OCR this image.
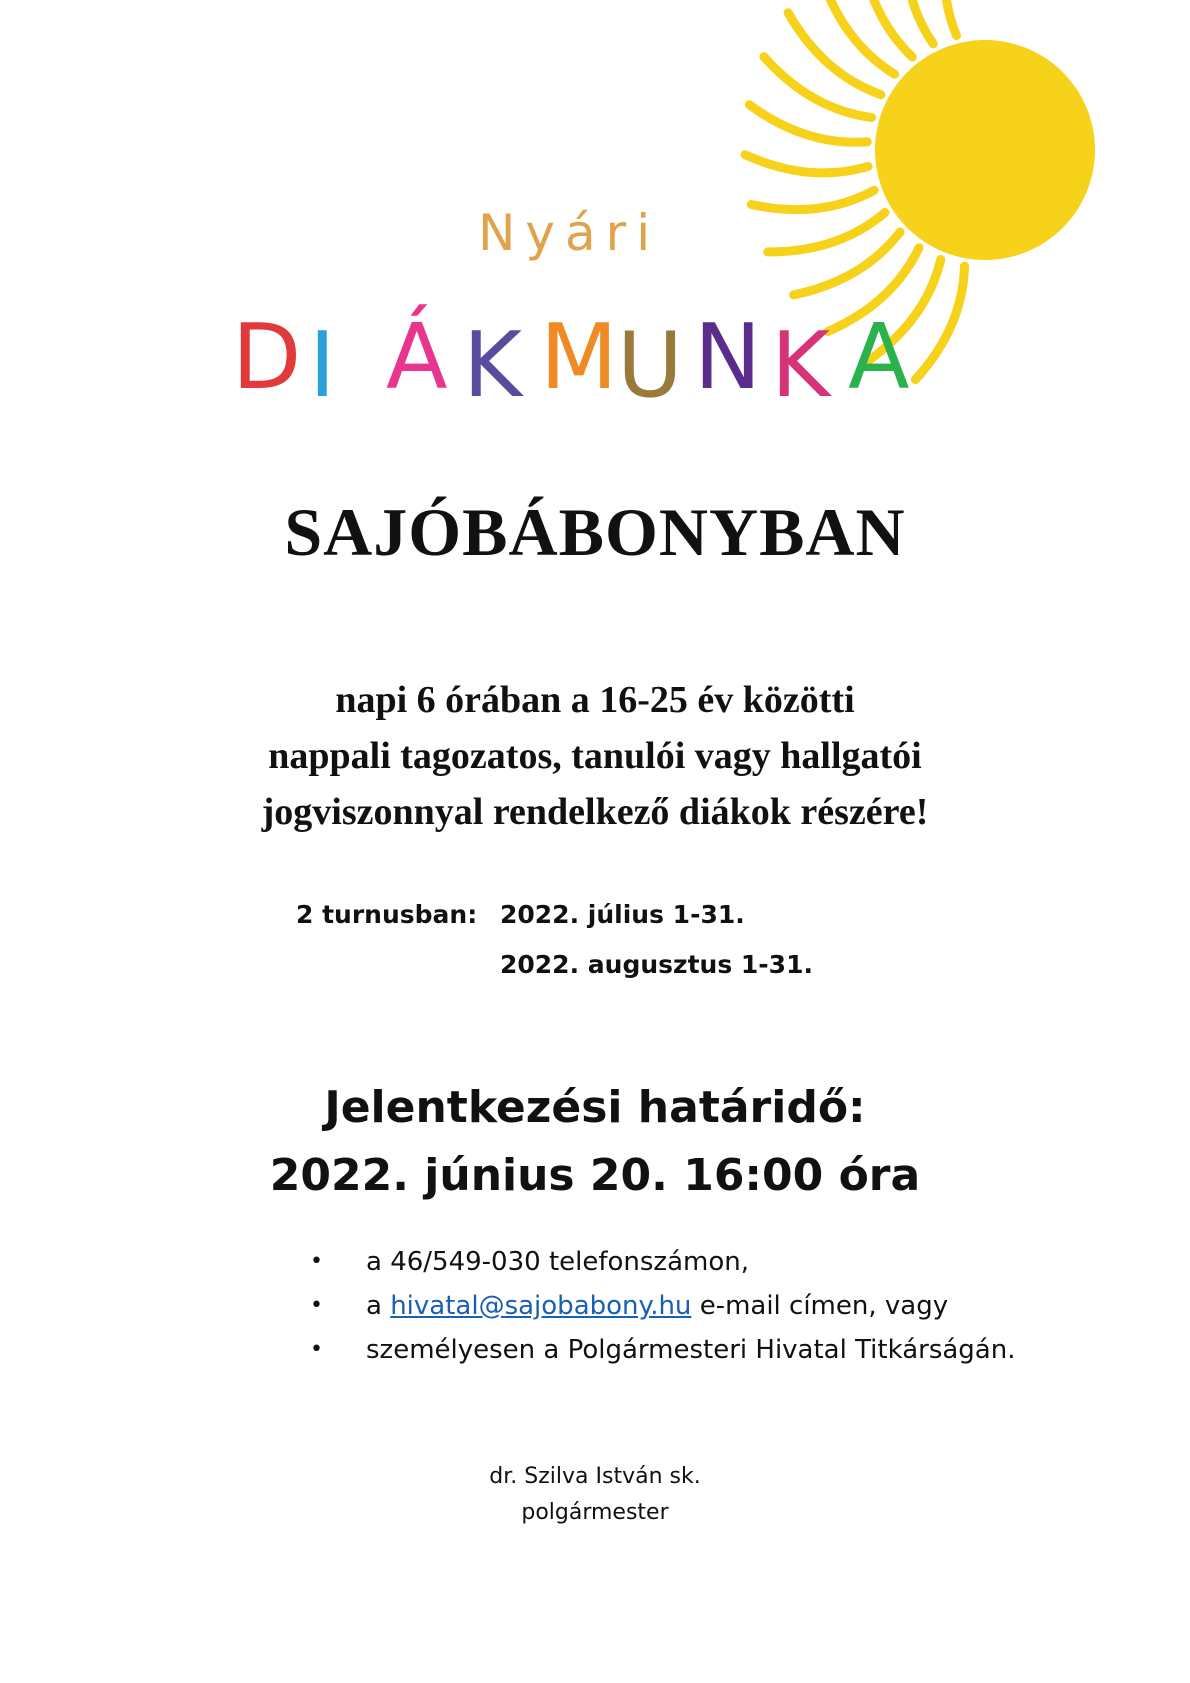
Nyári
D I Á K M U N K A
SAJÓBÁBONYBAN
napi 6 órában a 16-25 év közötti
nappali tagozatos, tanulói vagy hallgatói
jogviszonnyal rendelkező diákok részére!
2 turnusban: 2022. július 1-31.
2022. augusztus 1-31.
Jelentkezési határidő:
2022. június 20. 16:00 óra
• a 46/549-030 telefonszámon,
• a hivatal@sajobabony.hu e-mail címen, vagy
• személyesen a Polgármesteri Hivatal Titkárságán.
dr. Szilva István sk.
polgármester
